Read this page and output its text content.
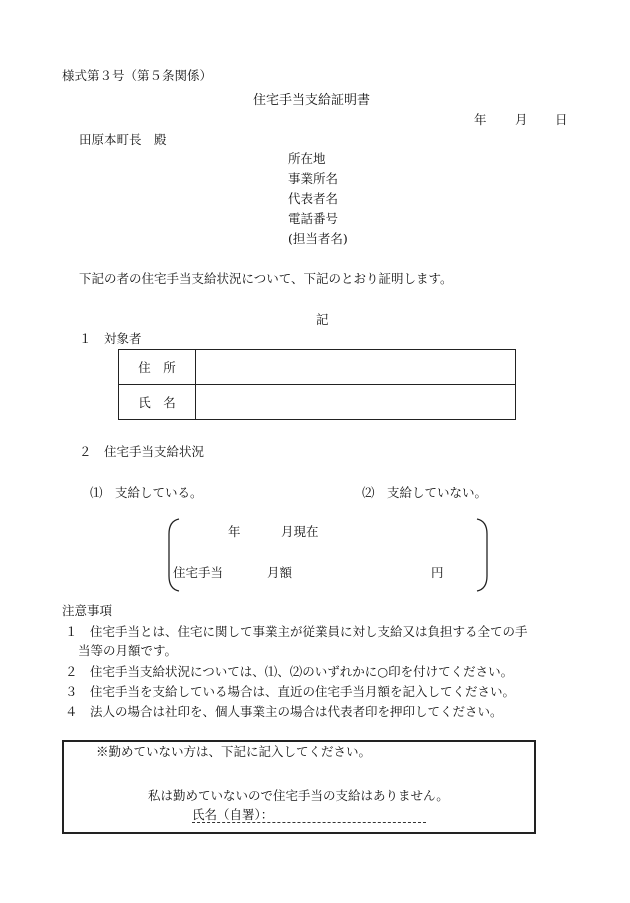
様式第３号（第５条関係）
住宅手当支給証明書
年 月 日
田原本町長　殿
所在地
事業所名
代表者名
電話番号
(担当者名)
下記の者の住宅手当支給状況について、下記のとおり証明します。
記
１　対象者
住　所	
氏　名	
２　住宅手当支給状況
⑴　支給している。	⑵　支給していない。
年	月現在
住宅手当	月額	円
注意事項
１ 住宅手当とは、住宅に関して事業主が従業員に対し支給又は負担する全ての手
当等の月額です。
２ 住宅手当支給状況については、⑴、⑵のいずれかに○印を付けてください。
３ 住宅手当を支給している場合は、直近の住宅手当月額を記入してください。
４ 法人の場合は社印を、個人事業主の場合は代表者印を押印してください。
※勤めていない方は、下記に記入してください。
私は勤めていないので住宅手当の支給はありません。
氏名（自署）：
